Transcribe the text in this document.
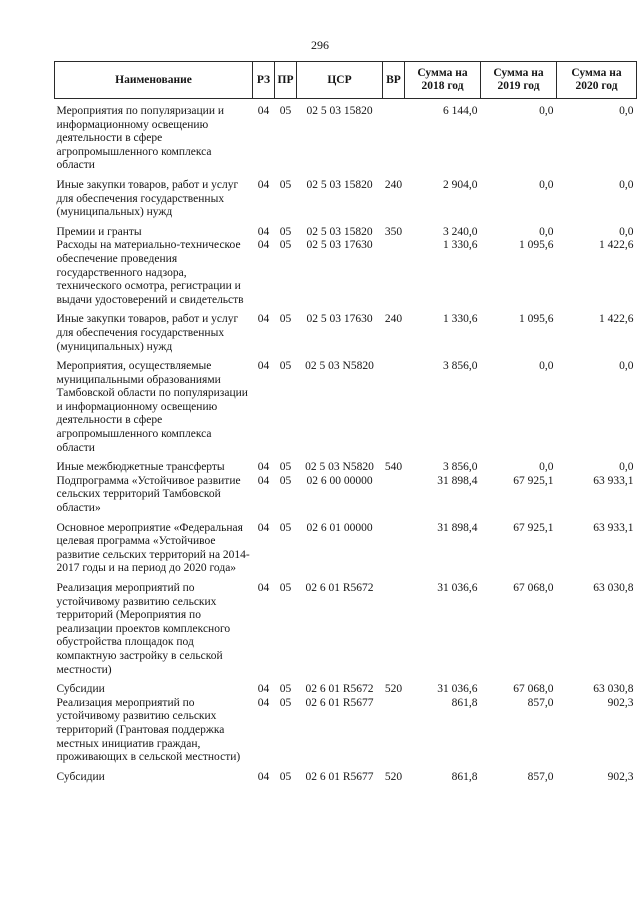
296
Наименование	РЗ	ПР	ЦСР	ВР	Сумма на 2018 год	Сумма на 2019 год	Сумма на 2020 год
Мероприятия по популяризации и информационному освещению деятельности в сфере агропромышленного комплекса области	04	05	02 5 03 15820		6 144,0	0,0	0,0
Иные закупки товаров, работ и услуг для обеспечения государственных (муниципальных) нужд	04	05	02 5 03 15820	240	2 904,0	0,0	0,0
Премии и гранты	04	05	02 5 03 15820	350	3 240,0	0,0	0,0
Расходы на материально-техническое обеспечение проведения государственного надзора, технического осмотра, регистрации и выдачи удостоверений и свидетельств	04	05	02 5 03 17630		1 330,6	1 095,6	1 422,6
Иные закупки товаров, работ и услуг для обеспечения государственных (муниципальных) нужд	04	05	02 5 03 17630	240	1 330,6	1 095,6	1 422,6
Мероприятия, осуществляемые муниципальными образованиями Тамбовской области по популяризации и информационному освещению деятельности в сфере агропромышленного комплекса области	04	05	02 5 03 N5820		3 856,0	0,0	0,0
Иные межбюджетные трансферты	04	05	02 5 03 N5820	540	3 856,0	0,0	0,0
Подпрограмма «Устойчивое развитие сельских территорий Тамбовской области»	04	05	02 6 00 00000		31 898,4	67 925,1	63 933,1
Основное мероприятие «Федеральная целевая программа «Устойчивое развитие сельских территорий на 2014-2017 годы и на период до 2020 года»	04	05	02 6 01 00000		31 898,4	67 925,1	63 933,1
Реализация мероприятий по устойчивому развитию сельских территорий (Мероприятия по реализации проектов комплексного обустройства площадок под компактную застройку в сельской местности)	04	05	02 6 01 R5672		31 036,6	67 068,0	63 030,8
Субсидии	04	05	02 6 01 R5672	520	31 036,6	67 068,0	63 030,8
Реализация мероприятий по устойчивому развитию сельских территорий (Грантовая поддержка местных инициатив граждан, проживающих в сельской местности)	04	05	02 6 01 R5677		861,8	857,0	902,3
Субсидии	04	05	02 6 01 R5677	520	861,8	857,0	902,3
